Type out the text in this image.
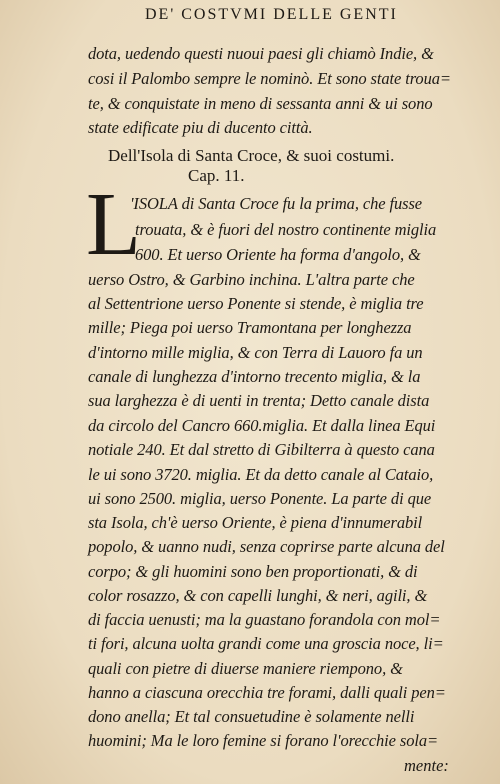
DE' COSTVMI DELLE GENTI
dota, uedendo questi nuoui paesi gli chiamò Indie, &
cosi il Palombo sempre le nominò. Et sono state troua=
te, & conquistate in meno di sessanta anni & ui sono
state edificate piu di ducento città.
Dell'Isola di Santa Croce, & suoi costumi.
Cap. 11.
L
'ISOLA di Santa Croce fu la prima, che fusse
trouata, & è fuori del nostro continente miglia
600. Et uerso Oriente ha forma d'angolo, &
uerso Ostro, & Garbino inchina. L'altra parte che
al Settentrione uerso Ponente si stende, è miglia tre
mille; Piega poi uerso Tramontana per longhezza
d'intorno mille miglia, & con Terra di Lauoro fa un
canale di lunghezza d'intorno trecento miglia, & la
sua larghezza è di uenti in trenta; Detto canale dista
da circolo del Cancro 660.miglia. Et dalla linea Equi
notiale 240. Et dal stretto di Gibilterra à questo cana
le ui sono 3720. miglia. Et da detto canale al Cataio,
ui sono 2500. miglia, uerso Ponente. La parte di que
sta Isola, ch'è uerso Oriente, è piena d'innumerabil
popolo, & uanno nudi, senza coprirse parte alcuna del
corpo; & gli huomini sono ben proportionati, & di
color rosazzo, & con capelli lunghi, & neri, agili, &
di faccia uenusti; ma la guastano forandola con mol=
ti fori, alcuna uolta grandi come una groscia noce, li=
quali con pietre di diuerse maniere riempono, &
hanno a ciascuna orecchia tre forami, dalli quali pen=
dono anella; Et tal consuetudine è solamente nelli
huomini; Ma le loro femine si forano l'orecchie sola=
mente:
